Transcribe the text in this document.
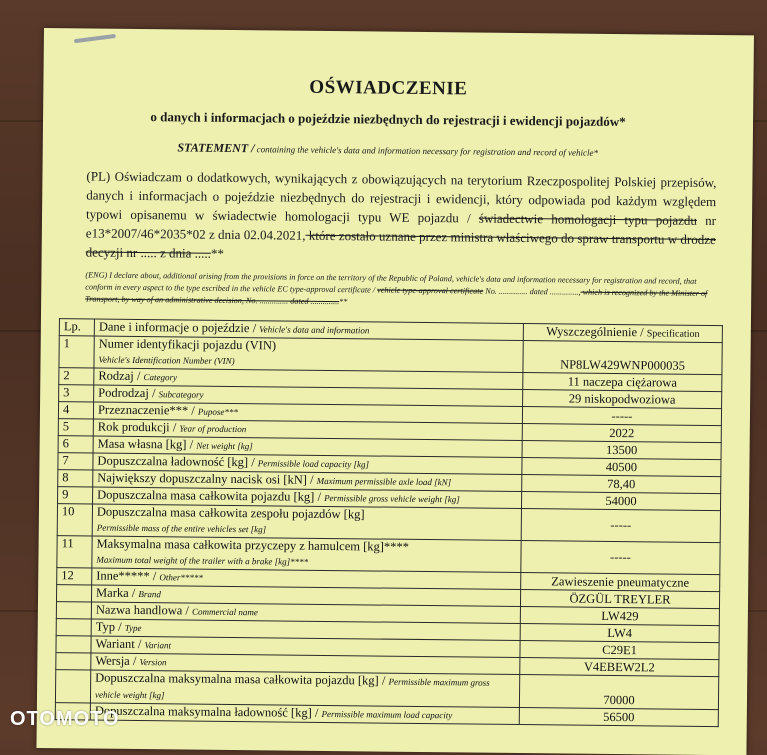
OŚWIADCZENIE
o danych i informacjach o pojeździe niezbędnych do rejestracji i ewidencji pojazdów*
STATEMENT / containing the vehicle's data and information necessary for registration and record of vehicle*
(PL) Oświadczam o dodatkowych, wynikających z obowiązujących na terytorium Rzeczpospolitej Polskiej przepisów, danych i informacjach o pojeździe niezbędnych do rejestracji i ewidencji, który odpowiada pod każdym względem typowi opisanemu w świadectwie homologacji typu WE pojazdu / świadectwie homologacji typu pojazdu nr e13*2007/46*2035*02 z dnia 02.04.2021, które zostało uznane przez ministra właściwego do spraw transportu w drodze decyzji nr ..... z dnia .....**
(ENG) I declare about, additional arising from the provisions in force on the territory of the Republic of Poland, vehicle's data and information necessary for registration and record, that conform in every aspect to the type escribed in the vehicle EC type-approval certificate / vehicle type-approval certificate No. .............. dated .............., which is recognized by the Minister of Transport, by way of an administrative decision, No. .............. dated ..............**
Lp.	Dane i informacje o pojeździe / Vehicle's data and information	Wyszczególnienie / Specification
1	Numer identyfikacji pojazdu (VIN)
Vehicle's Identification Number (VIN)	NP8LW429WNP000035
2	Rodzaj / Category	11 naczepa ciężarowa
3	Podrodzaj / Subcategory	29 niskopodwoziowa
4	Przeznaczenie*** / Pupose***	-----
5	Rok produkcji / Year of production	2022
6	Masa własna [kg] / Net weight [kg]	13500
7	Dopuszczalna ładowność [kg] / Permissible load capacity [kg]	40500
8	Największy dopuszczalny nacisk osi [kN] / Maximum permissible axle load [kN]	78,40
9	Dopuszczalna masa całkowita pojazdu [kg] / Permissible gross vehicle weight [kg]	54000
10	Dopuszczalna masa całkowita zespołu pojazdów [kg]
Permissible mass of the entire vehicles set [kg]	-----
11	Maksymalna masa całkowita przyczepy z hamulcem [kg]****
Maximum total weight of the trailer with a brake [kg]****	-----
12	Inne***** / Other*****	Zawieszenie pneumatyczne
	Marka / Brand	ÖZGÜL TREYLER
	Nazwa handlowa / Commercial name	LW429
	Typ / Type	LW4
	Wariant / Variant	C29E1
	Wersja / Version	V4EBEW2L2
	Dopuszczalna maksymalna masa całkowita pojazdu [kg] / Permissible maximum gross vehicle weight [kg]	70000
	Dopuszczalna maksymalna ładowność [kg] / Permissible maximum load capacity	56500
OTOMOTO
